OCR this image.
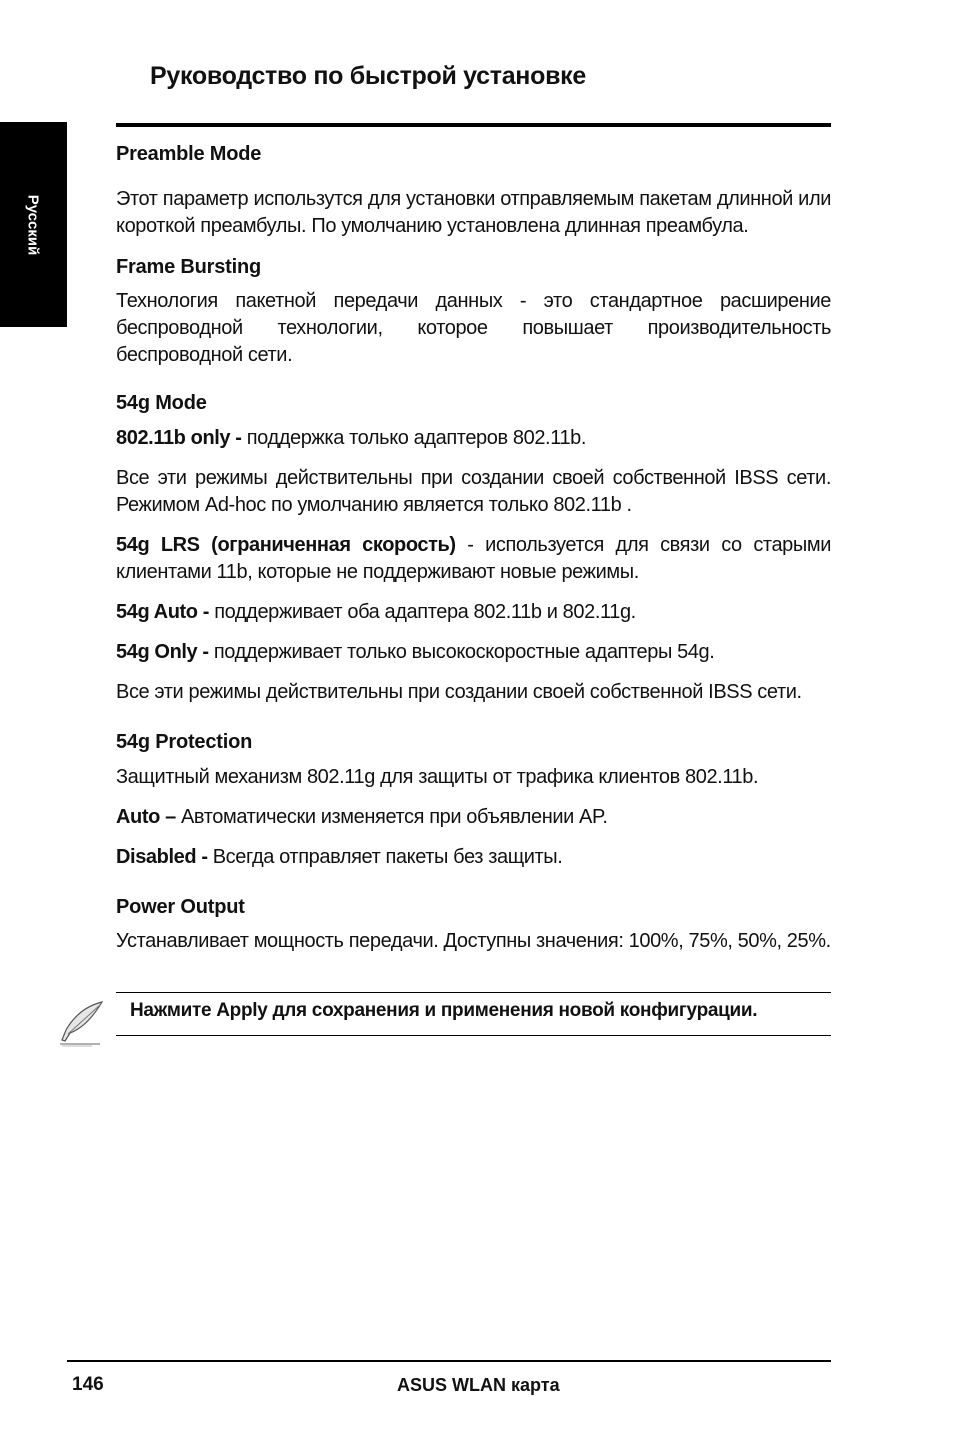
Руководство по быстрой установке
Русский
Preamble Mode

Этот параметр использутся для установки отправляемым пакетам длинной или короткой преамбулы. По умолчанию установлена длинная преамбула.

Frame Bursting

Технология пакетной передачи данных - это стандартное расширение беспроводной технологии, которое повышает производительность беспроводной сети.

54g Mode

802.11b only - поддержка только адаптеров 802.11b.

Все эти режимы действительны при создании своей собственной IBSS сети. Режимом Ad-hoc по умолчанию является только 802.11b .

54g LRS (ограниченная скорость) - используется для связи со старыми клиентами 11b, которые не поддерживают новые режимы.

54g Auto - поддерживает оба адаптера 802.11b и 802.11g.

54g Only - поддерживает только высокоскоростные адаптеры 54g.

Все эти режимы действительны при создании своей собственной IBSS сети.

54g Protection

Защитный механизм 802.11g для защиты от трафика клиентов 802.11b.

Auto – Автоматически изменяется при объявлении AP.

Disabled - Всегда отправляет пакеты без защиты.

Power Output

Устанавливает мощность передачи. Доступны значения: 100%, 75%, 50%, 25%.

Нажмите Apply для сохранения и применения новой конфигурации.
146	ASUS WLAN карта
